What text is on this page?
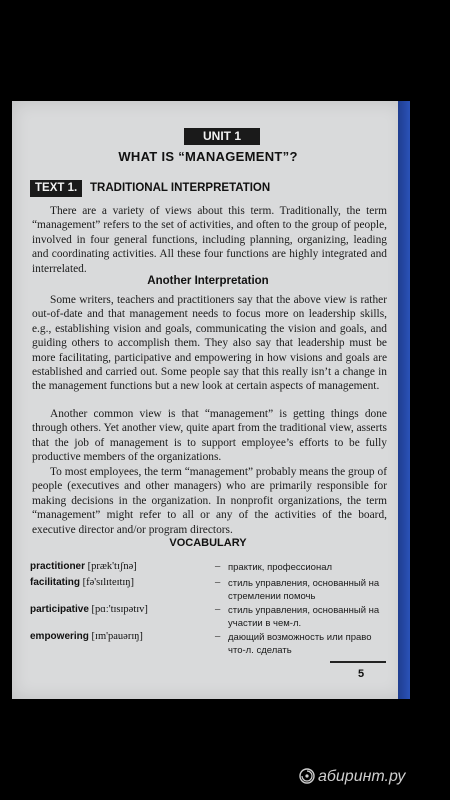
UNIT 1
WHAT IS “MANAGEMENT”?
TEXT 1.	TRADITIONAL INTERPRETATION

There are a variety of views about this term. Traditionally, the term “management” refers to the set of activities, and often to the group of people, involved in four general functions, including planning, organizing, leading and coordinating activities. All these four functions are highly integrated and interrelated.

Another Interpretation

Some writers, teachers and practitioners say that the above view is rather out-of-date and that management needs to focus more on leadership skills, e.g., establishing vision and goals, communicating the vision and goals, and guiding others to accomplish them. They also say that leadership must be more facilitating, participative and empowering in how visions and goals are established and carried out. Some people say that this really isn’t a change in the management functions but a new look at certain aspects of management.

Another common view is that “management” is getting things done through others. Yet another view, quite apart from the traditional view, asserts that the job of management is to support employee’s efforts to be fully productive members of the organizations.

To most employees, the term “management” probably means the group of people (executives and other managers) who are primarily responsible for making decisions in the organization. In nonprofit organizations, the term “management” might refer to all or any of the activities of the board, executive director and/or program directors.

VOCABULARY
practitioner [præk'tɪʃnə]	– практик, профессионал
facilitating [fə'sɪlɪteɪtɪŋ]	– стиль управления, основанный на стремлении помочь
participative [pɑː'tɪsɪpətɪv]	– стиль управления, основанный на участии в чем-л.
empowering [ɪm'pauərɪŋ]	– дающий возможность или право что-л. сделать
5
абиринт.ру
